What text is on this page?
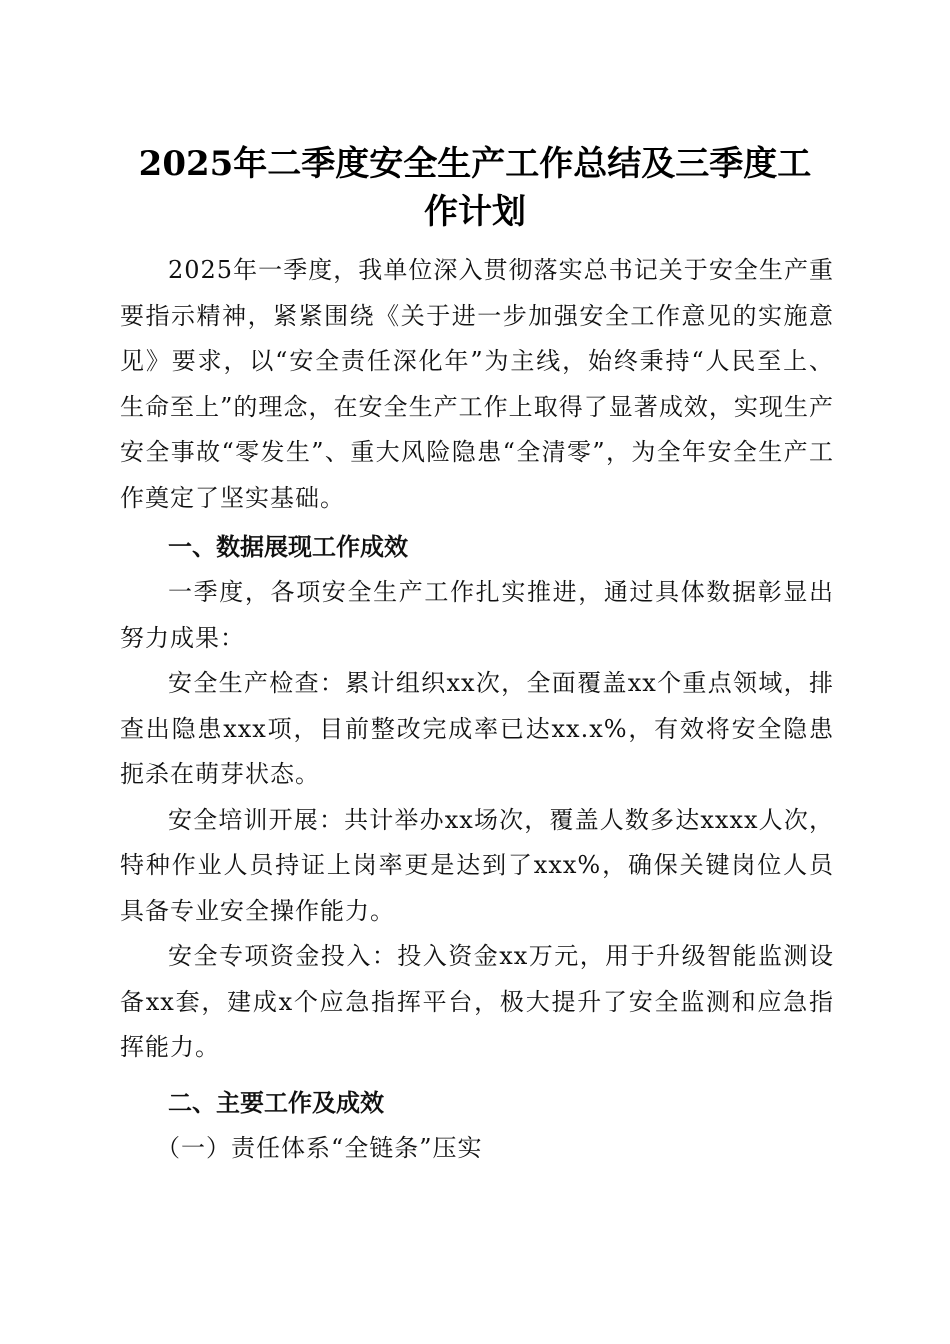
2025年二季度安全生产工作总结及三季度工
作计划

2025年一季度，我单位深入贯彻落实总书记关于安全生产重要指示精神，紧紧围绕《关于进一步加强安全工作意见的实施意见》要求，以“安全责任深化年”为主线，始终秉持“人民至上、生命至上”的理念，在安全生产工作上取得了显著成效，实现生产安全事故“零发生”、重大风险隐患“全清零”，为全年安全生产工作奠定了坚实基础。

一、数据展现工作成效

一季度，各项安全生产工作扎实推进，通过具体数据彰显出努力成果：

安全生产检查：累计组织xx次，全面覆盖xx个重点领域，排查出隐患xxx项，目前整改完成率已达xx.x%，有效将安全隐患扼杀在萌芽状态。

安全培训开展：共计举办xx场次，覆盖人数多达xxxx人次，特种作业人员持证上岗率更是达到了xxx%，确保关键岗位人员具备专业安全操作能力。

安全专项资金投入：投入资金xx万元，用于升级智能监测设备xx套，建成x个应急指挥平台，极大提升了安全监测和应急指挥能力。

二、主要工作及成效

（一）责任体系“全链条”压实
